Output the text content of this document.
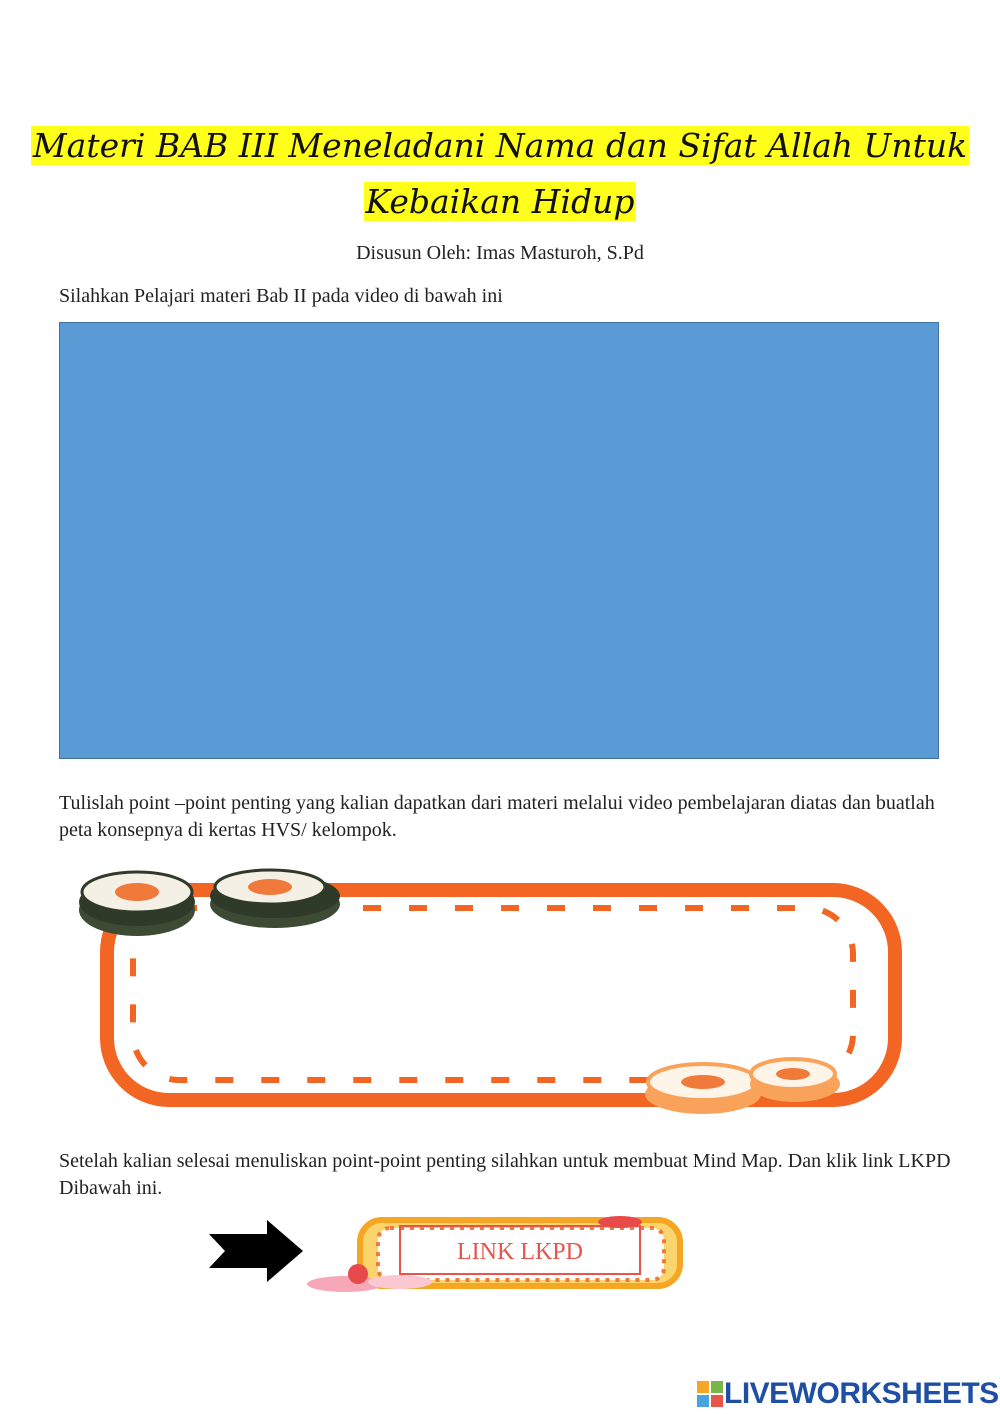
Materi BAB III Meneladani Nama dan Sifat Allah Untuk
Kebaikan Hidup
Disusun Oleh: Imas Masturoh, S.Pd
Silahkan Pelajari materi Bab II pada video di bawah ini
Tulislah point –point penting yang kalian dapatkan dari materi melalui video pembelajaran diatas dan buatlah peta konsepnya di kertas HVS/ kelompok.
Setelah kalian selesai menuliskan point-point penting silahkan untuk membuat Mind Map. Dan klik link LKPD Dibawah ini.
LINK LKPD
LIVEWORKSHEETS
